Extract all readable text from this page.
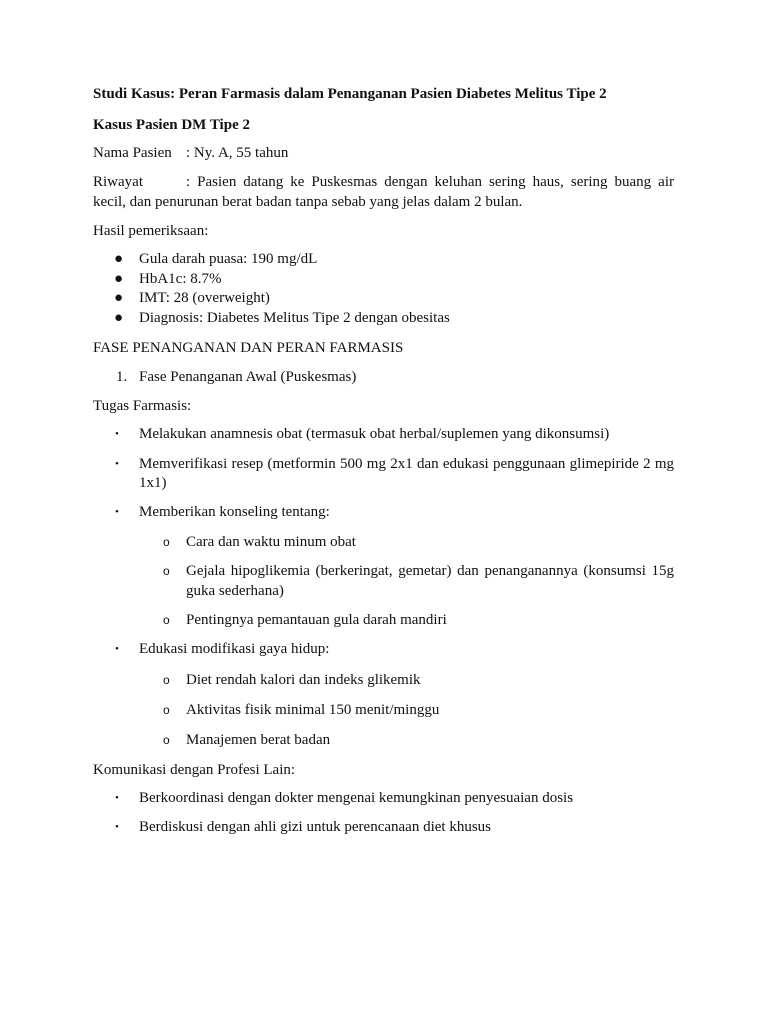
Studi Kasus: Peran Farmasis dalam Penanganan Pasien Diabetes Melitus Tipe 2

Kasus Pasien DM Tipe 2

Nama Pasien : Ny. A, 55 tahun

Riwayat	: Pasien datang ke Puskesmas dengan keluhan sering haus, sering buang air kecil, dan penurunan berat badan tanpa sebab yang jelas dalam 2 bulan.

Hasil pemeriksaan:

● Gula darah puasa: 190 mg/dL
● HbA1c: 8.7%
● IMT: 28 (overweight)
● Diagnosis: Diabetes Melitus Tipe 2 dengan obesitas

FASE PENANGANAN DAN PERAN FARMASIS

1. Fase Penanganan Awal (Puskesmas)

Tugas Farmasis:

• Melakukan anamnesis obat (termasuk obat herbal/suplemen yang dikonsumsi)
• Memverifikasi resep (metformin 500 mg 2x1 dan edukasi penggunaan glimepiride 2 mg 1x1)
• Memberikan konseling tentang:
o Cara dan waktu minum obat
o Gejala hipoglikemia (berkeringat, gemetar) dan penanganannya (konsumsi 15g guka sederhana)
o Pentingnya pemantauan gula darah mandiri
• Edukasi modifikasi gaya hidup:
o Diet rendah kalori dan indeks glikemik
o Aktivitas fisik minimal 150 menit/minggu
o Manajemen berat badan

Komunikasi dengan Profesi Lain:

• Berkoordinasi dengan dokter mengenai kemungkinan penyesuaian dosis
• Berdiskusi dengan ahli gizi untuk perencanaan diet khusus
